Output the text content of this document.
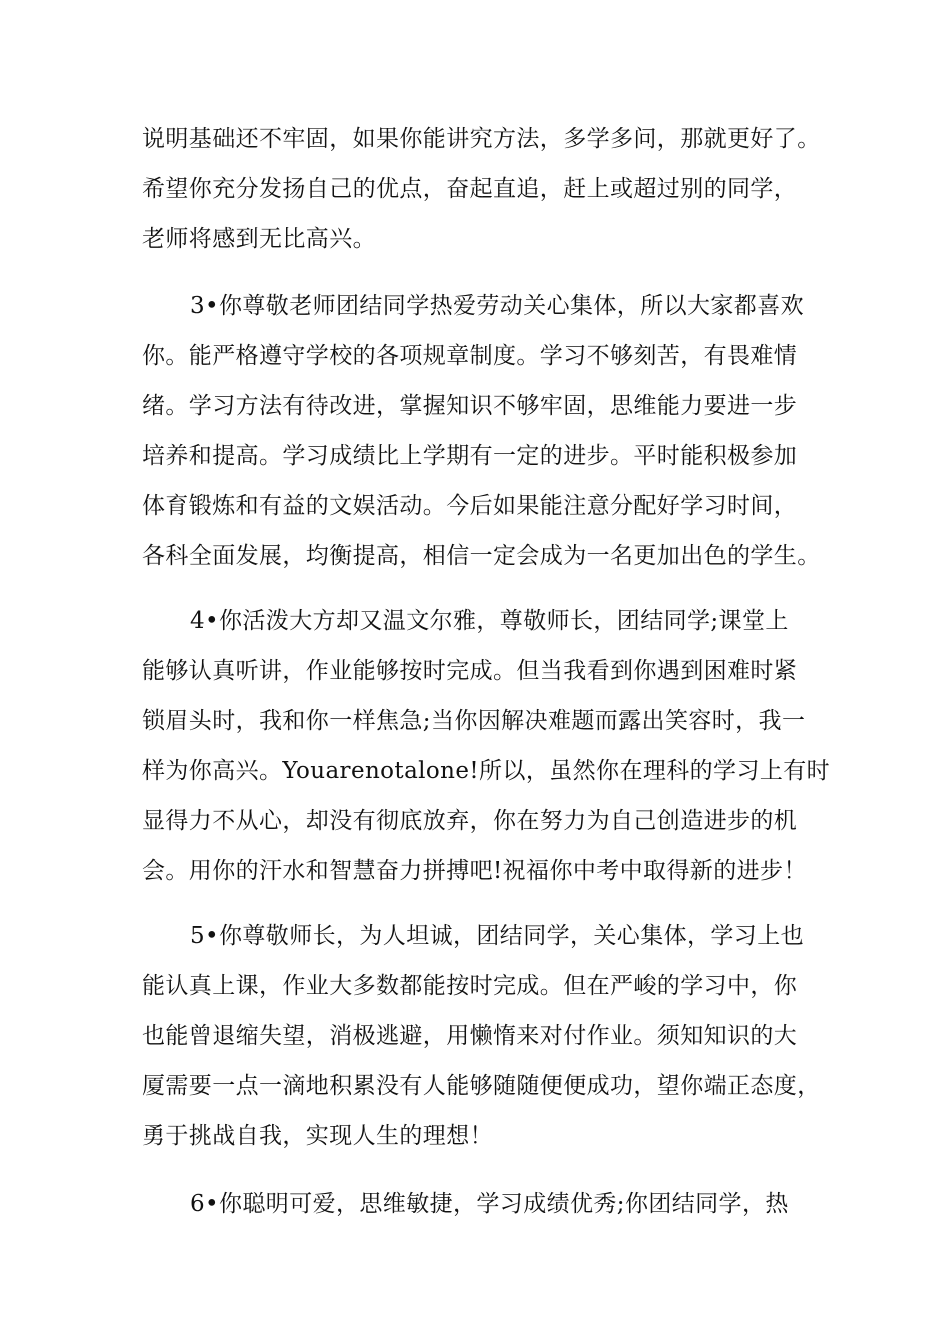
说明基础还不牢固，如果你能讲究方法，多学多问，那就更好了。
希望你充分发扬自己的优点，奋起直追，赶上或超过别的同学，
老师将感到无比高兴。
3•你尊敬老师团结同学热爱劳动关心集体，所以大家都喜欢
你。能严格遵守学校的各项规章制度。学习不够刻苦，有畏难情
绪。学习方法有待改进，掌握知识不够牢固，思维能力要进一步
培养和提高。学习成绩比上学期有一定的进步。平时能积极参加
体育锻炼和有益的文娱活动。今后如果能注意分配好学习时间，
各科全面发展，均衡提高，相信一定会成为一名更加出色的学生。
4•你活泼大方却又温文尔雅，尊敬师长，团结同学;课堂上
能够认真听讲，作业能够按时完成。但当我看到你遇到困难时紧
锁眉头时，我和你一样焦急;当你因解决难题而露出笑容时，我一
样为你高兴。Youarenotalone!所以，虽然你在理科的学习上有时
显得力不从心，却没有彻底放弃，你在努力为自己创造进步的机
会。用你的汗水和智慧奋力拼搏吧!祝福你中考中取得新的进步！
5•你尊敬师长，为人坦诚，团结同学，关心集体，学习上也
能认真上课，作业大多数都能按时完成。但在严峻的学习中，你
也能曾退缩失望，消极逃避，用懒惰来对付作业。须知知识的大
厦需要一点一滴地积累没有人能够随随便便成功，望你端正态度，
勇于挑战自我，实现人生的理想！
6•你聪明可爱，思维敏捷，学习成绩优秀;你团结同学，热
